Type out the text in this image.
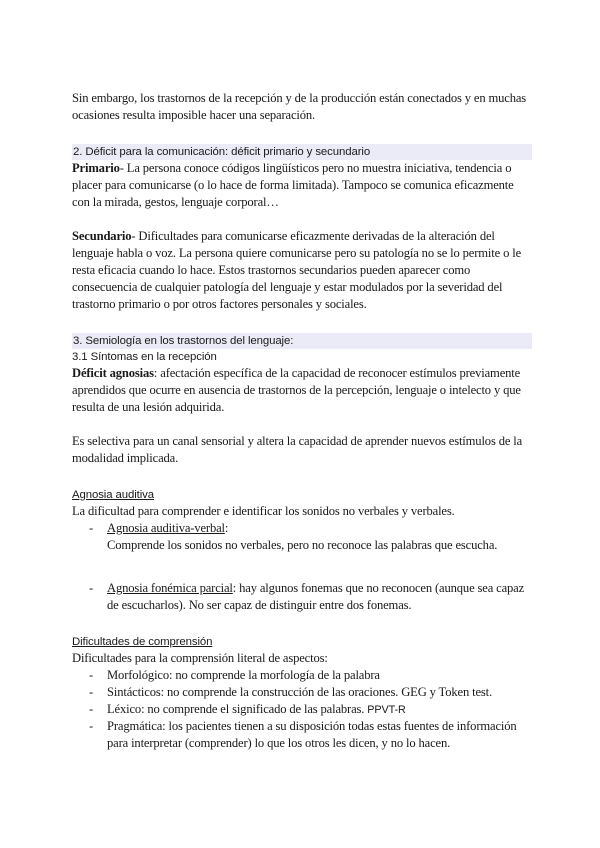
Sin embargo, los trastornos de la recepción y de la producción están conectados y en muchas ocasiones resulta imposible hacer una separación.

2. Déficit para la comunicación: déficit primario y secundario

Primario- La persona conoce códigos lingüísticos pero no muestra iniciativa, tendencia o placer para comunicarse (o lo hace de forma limitada). Tampoco se comunica eficazmente con la mirada, gestos, lenguaje corporal…

Secundario- Dificultades para comunicarse eficazmente derivadas de la alteración del lenguaje habla o voz. La persona quiere comunicarse pero su patología no se lo permite o le resta eficacia cuando lo hace. Estos trastornos secundarios pueden aparecer como consecuencia de cualquier patología del lenguaje y estar modulados por la severidad del trastorno primario o por otros factores personales y sociales.

3. Semiología en los trastornos del lenguaje:

3.1 Síntomas en la recepción

Déficit agnosias: afectación específica de la capacidad de reconocer estímulos previamente aprendidos que ocurre en ausencia de trastornos de la percepción, lenguaje o intelecto y que resulta de una lesión adquirida.

Es selectiva para un canal sensorial y altera la capacidad de aprender nuevos estímulos de la modalidad implicada.

Agnosia auditiva

La dificultad para comprender e identificar los sonidos no verbales y verbales.

- Agnosia auditiva-verbal:
Comprende los sonidos no verbales, pero no reconoce las palabras que escucha.
- Agnosia fonémica parcial: hay algunos fonemas que no reconocen (aunque sea capaz de escucharlos). No ser capaz de distinguir entre dos fonemas.

Dificultades de comprensión

Dificultades para la comprensión literal de aspectos:

- Morfológico: no comprende la morfología de la palabra
- Sintácticos: no comprende la construcción de las oraciones. GEG y Token test.
- Léxico: no comprende el significado de las palabras. PPVT-R
- Pragmática: los pacientes tienen a su disposición todas estas fuentes de información para interpretar (comprender) lo que los otros les dicen, y no lo hacen.
